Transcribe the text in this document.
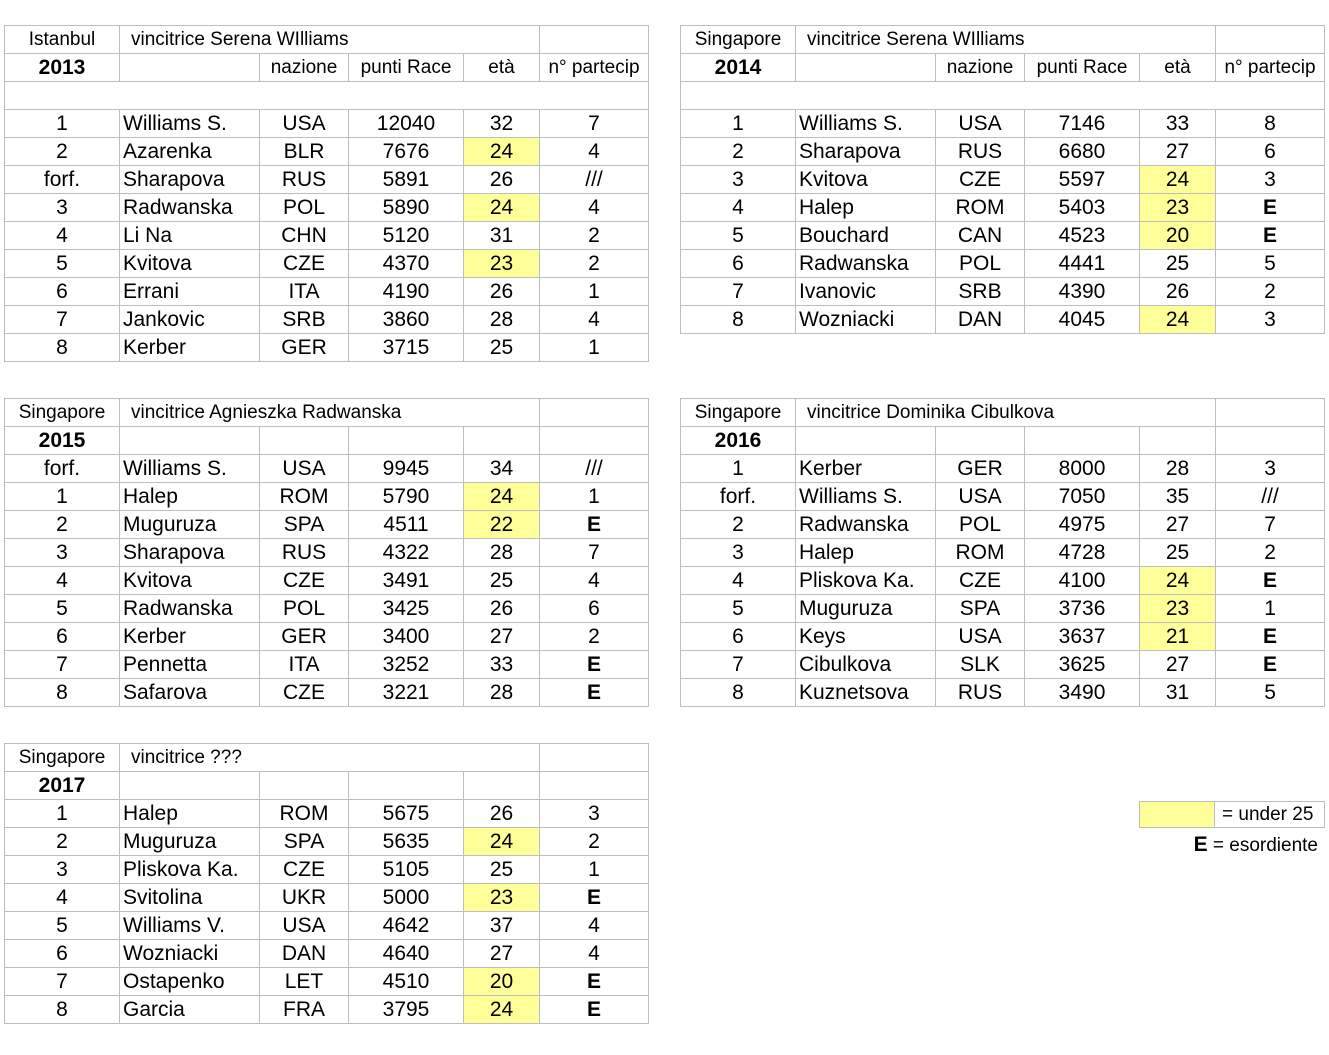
Istanbul	vincitrice Serena WIlliams				
2013		nazione	punti Race	età	n° partecip

1	Williams S.	USA	12040	32	7
2	Azarenka	BLR	7676	24	4
forf.	Sharapova	RUS	5891	26	///
3	Radwanska	POL	5890	24	4
4	Li Na	CHN	5120	31	2
5	Kvitova	CZE	4370	23	2
6	Errani	ITA	4190	26	1
7	Jankovic	SRB	3860	28	4
8	Kerber	GER	3715	25	1
Singapore	vincitrice Serena WIlliams				
2014		nazione	punti Race	età	n° partecip

1	Williams S.	USA	7146	33	8
2	Sharapova	RUS	6680	27	6
3	Kvitova	CZE	5597	24	3
4	Halep	ROM	5403	23	E
5	Bouchard	CAN	4523	20	E
6	Radwanska	POL	4441	25	5
7	Ivanovic	SRB	4390	26	2
8	Wozniacki	DAN	4045	24	3
Singapore	vincitrice Agnieszka Radwanska				
2015					
forf.	Williams S.	USA	9945	34	///
1	Halep	ROM	5790	24	1
2	Muguruza	SPA	4511	22	E
3	Sharapova	RUS	4322	28	7
4	Kvitova	CZE	3491	25	4
5	Radwanska	POL	3425	26	6
6	Kerber	GER	3400	27	2
7	Pennetta	ITA	3252	33	E
8	Safarova	CZE	3221	28	E
Singapore	vincitrice Dominika Cibulkova				
2016					
1	Kerber	GER	8000	28	3
forf.	Williams S.	USA	7050	35	///
2	Radwanska	POL	4975	27	7
3	Halep	ROM	4728	25	2
4	Pliskova Ka.	CZE	4100	24	E
5	Muguruza	SPA	3736	23	1
6	Keys	USA	3637	21	E
7	Cibulkova	SLK	3625	27	E
8	Kuznetsova	RUS	3490	31	5
Singapore	vincitrice ???				
2017					
1	Halep	ROM	5675	26	3
2	Muguruza	SPA	5635	24	2
3	Pliskova Ka.	CZE	5105	25	1
4	Svitolina	UKR	5000	23	E
5	Williams V.	USA	4642	37	4
6	Wozniacki	DAN	4640	27	4
7	Ostapenko	LET	4510	20	E
8	Garcia	FRA	3795	24	E
= under 25
E = esordiente
